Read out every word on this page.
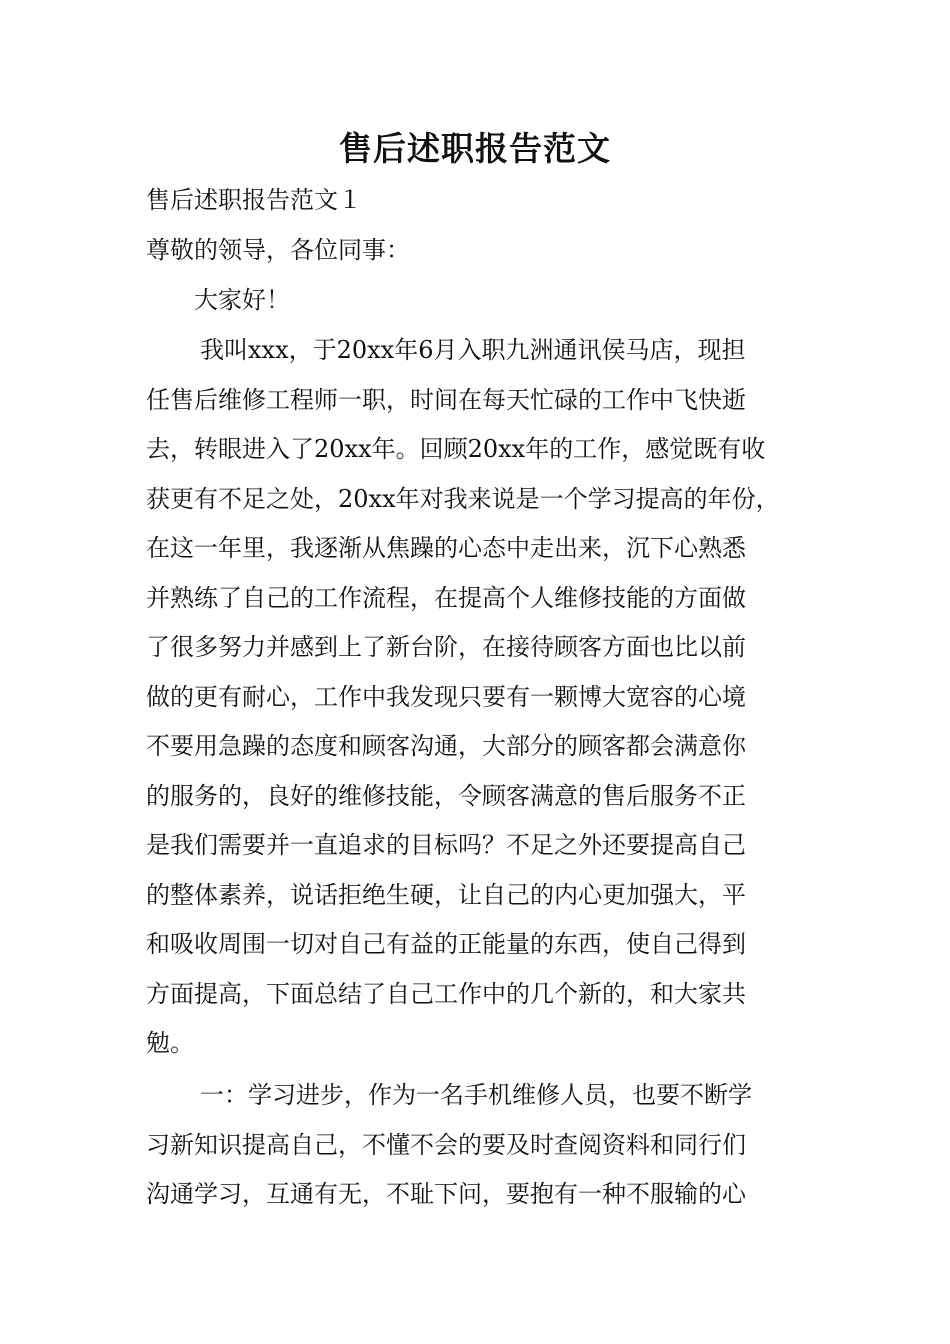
售后述职报告范文
售后述职报告范文１
尊敬的领导，各位同事：
大家好！
我叫xxx，于20xx年6月入职九洲通讯侯马店，现担
任售后维修工程师一职，时间在每天忙碌的工作中飞快逝
去，转眼进入了20xx年。回顾20xx年的工作，感觉既有收
获更有不足之处，20xx年对我来说是一个学习提高的年份，
在这一年里，我逐渐从焦躁的心态中走出来，沉下心熟悉
并熟练了自己的工作流程，在提高个人维修技能的方面做
了很多努力并感到上了新台阶，在接待顾客方面也比以前
做的更有耐心，工作中我发现只要有一颗博大宽容的心境
不要用急躁的态度和顾客沟通，大部分的顾客都会满意你
的服务的，良好的维修技能，令顾客满意的售后服务不正
是我们需要并一直追求的目标吗？不足之外还要提高自己
的整体素养，说话拒绝生硬，让自己的内心更加强大，平
和吸收周围一切对自己有益的正能量的东西，使自己得到
方面提高，下面总结了自己工作中的几个新的，和大家共
勉。
一：学习进步，作为一名手机维修人员，也要不断学
习新知识提高自己，不懂不会的要及时查阅资料和同行们
沟通学习，互通有无，不耻下问，要抱有一种不服输的心
